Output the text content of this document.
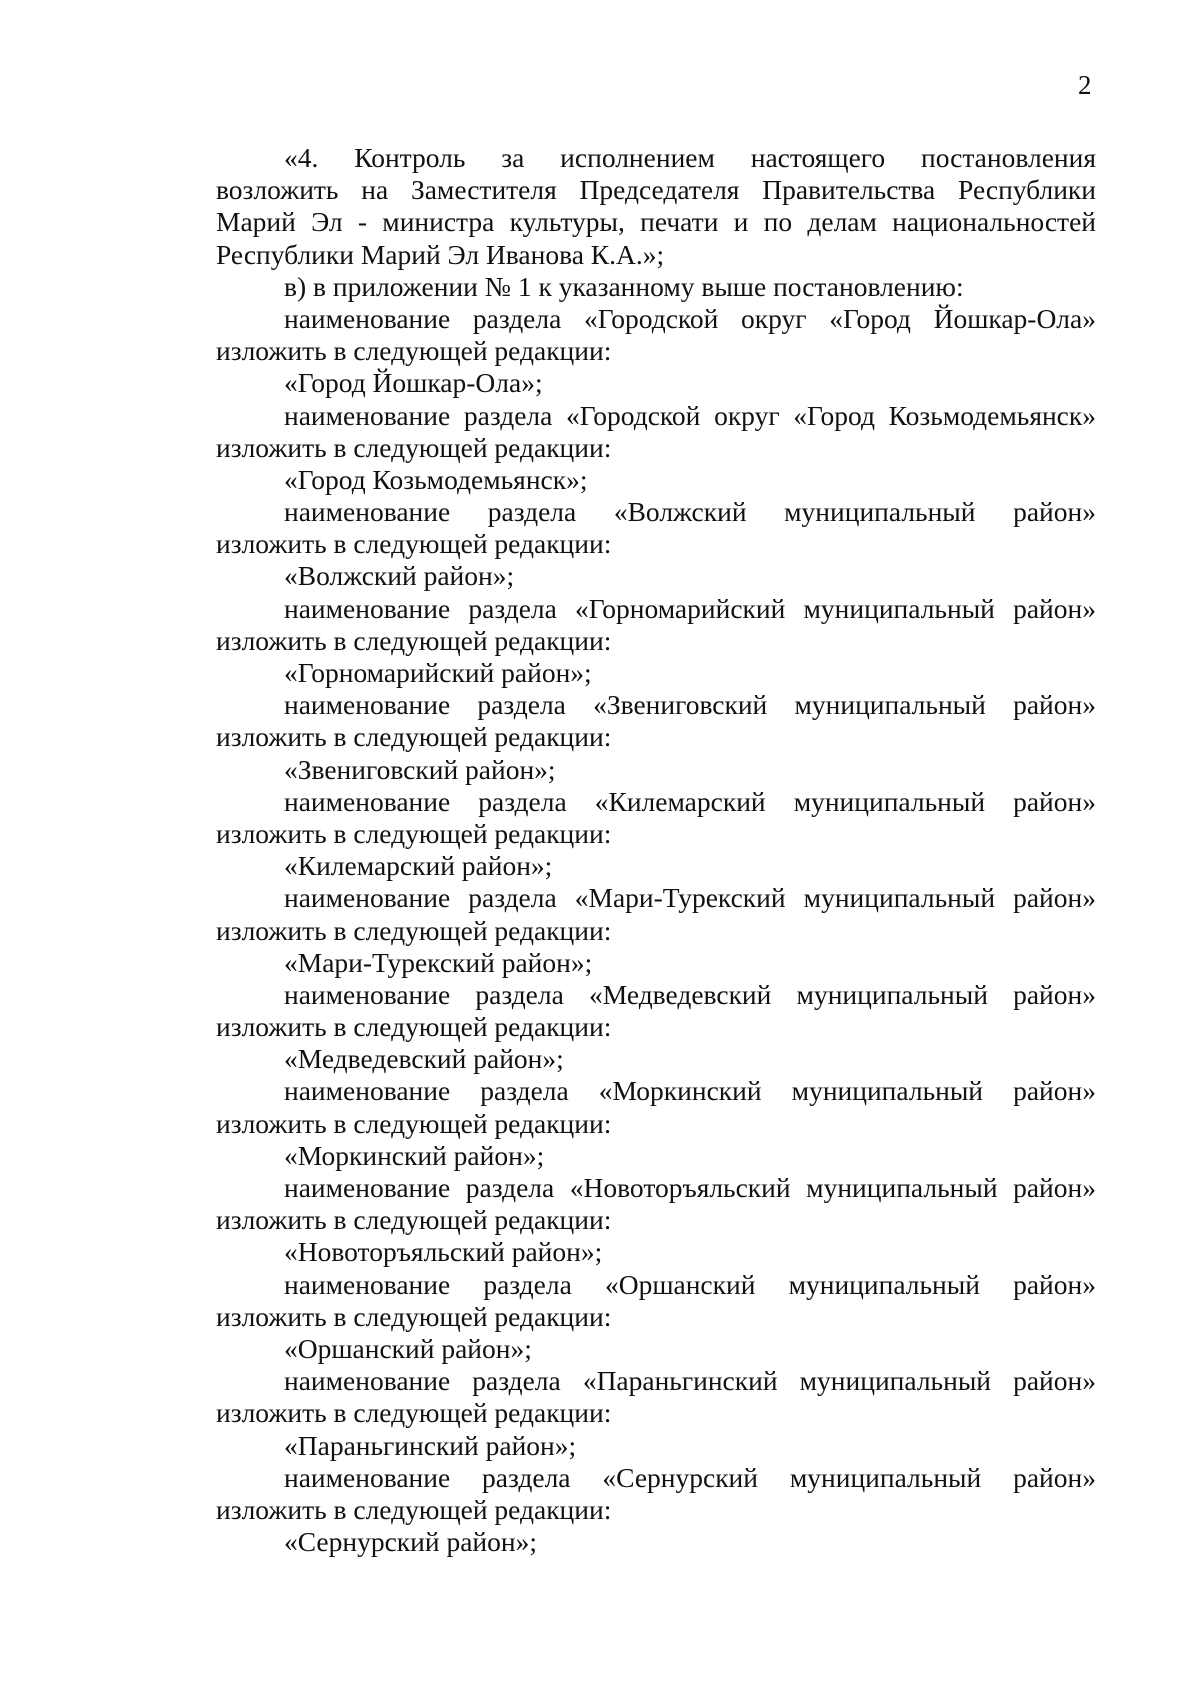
2
«4. Контроль за исполнением настоящего постановления
возложить на Заместителя Председателя Правительства Республики
Марий Эл - министра культуры, печати и по делам национальностей
Республики Марий Эл Иванова К.А.»;
в) в приложении № 1 к указанному выше постановлению:
наименование раздела «Городской округ «Город Йошкар-Ола»
изложить в следующей редакции:
«Город Йошкар-Ола»;
наименование раздела «Городской округ «Город Козьмодемьянск»
изложить в следующей редакции:
«Город Козьмодемьянск»;
наименование раздела «Волжский муниципальный район»
изложить в следующей редакции:
«Волжский район»;
наименование раздела «Горномарийский муниципальный район»
изложить в следующей редакции:
«Горномарийский район»;
наименование раздела «Звениговский муниципальный район»
изложить в следующей редакции:
«Звениговский район»;
наименование раздела «Килемарский муниципальный район»
изложить в следующей редакции:
«Килемарский район»;
наименование раздела «Мари-Турекский муниципальный район»
изложить в следующей редакции:
«Мари-Турекский район»;
наименование раздела «Медведевский муниципальный район»
изложить в следующей редакции:
«Медведевский район»;
наименование раздела «Моркинский муниципальный район»
изложить в следующей редакции:
«Моркинский район»;
наименование раздела «Новоторъяльский муниципальный район»
изложить в следующей редакции:
«Новоторъяльский район»;
наименование раздела «Оршанский муниципальный район»
изложить в следующей редакции:
«Оршанский район»;
наименование раздела «Параньгинский муниципальный район»
изложить в следующей редакции:
«Параньгинский район»;
наименование раздела «Сернурский муниципальный район»
изложить в следующей редакции:
«Сернурский район»;
